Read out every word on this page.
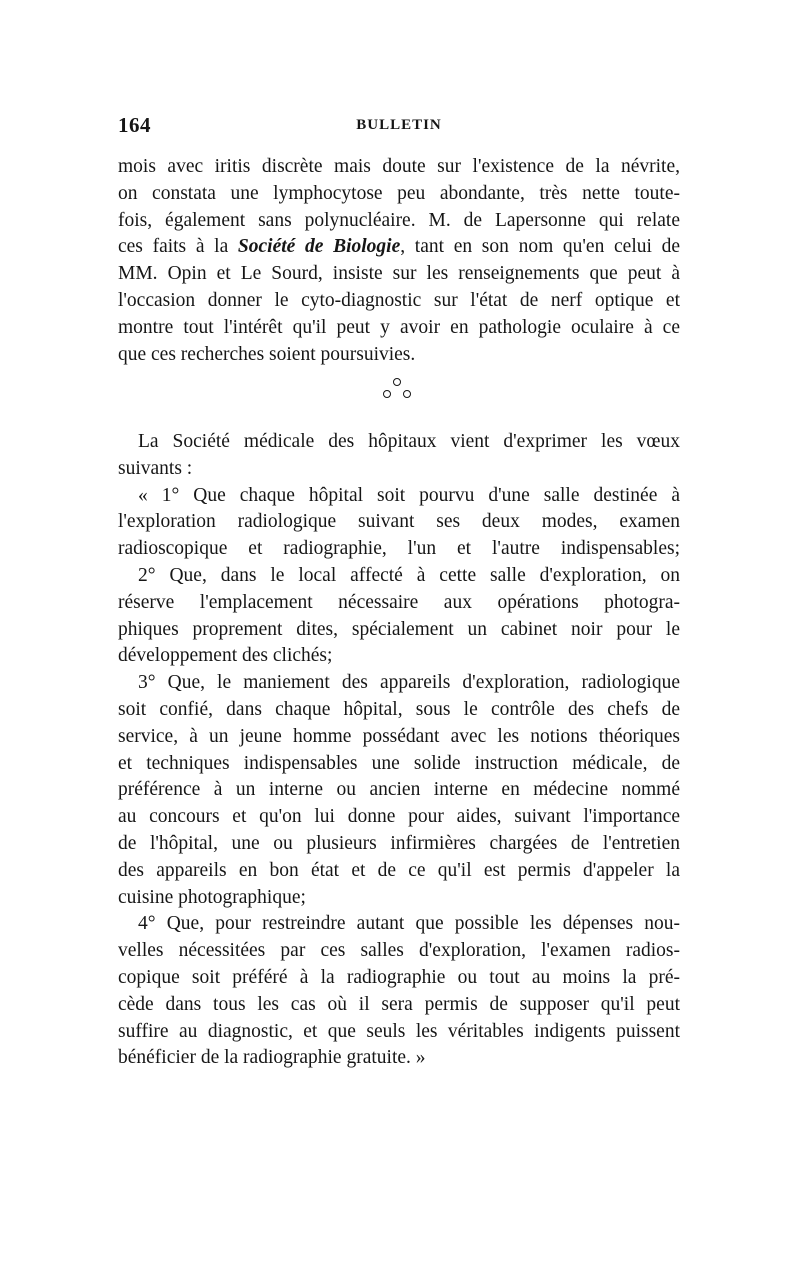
164	BULLETIN
mois avec iritis discrète mais doute sur l'existence de la névrite,
on constata une lymphocytose peu abondante, très nette toute-
fois, également sans polynucléaire. M. de Lapersonne qui relate
ces faits à la Société de Biologie, tant en son nom qu'en celui de
MM. Opin et Le Sourd, insiste sur les renseignements que peut à
l'occasion donner le cyto-diagnostic sur l'état de nerf optique et
montre tout l'intérêt qu'il peut y avoir en pathologie oculaire à ce
que ces recherches soient poursuivies.
La Société médicale des hôpitaux vient d'exprimer les vœux
suivants :
« 1° Que chaque hôpital soit pourvu d'une salle destinée à
l'exploration radiologique suivant ses deux modes, examen
radioscopique et radiographie, l'un et l'autre indispensables;
2° Que, dans le local affecté à cette salle d'exploration, on
réserve l'emplacement nécessaire aux opérations photogra-
phiques proprement dites, spécialement un cabinet noir pour le
développement des clichés;
3° Que, le maniement des appareils d'exploration, radiologique
soit confié, dans chaque hôpital, sous le contrôle des chefs de
service, à un jeune homme possédant avec les notions théoriques
et techniques indispensables une solide instruction médicale, de
préférence à un interne ou ancien interne en médecine nommé
au concours et qu'on lui donne pour aides, suivant l'importance
de l'hôpital, une ou plusieurs infirmières chargées de l'entretien
des appareils en bon état et de ce qu'il est permis d'appeler la
cuisine photographique;
4° Que, pour restreindre autant que possible les dépenses nou-
velles nécessitées par ces salles d'exploration, l'examen radios-
copique soit préféré à la radiographie ou tout au moins la pré-
cède dans tous les cas où il sera permis de supposer qu'il peut
suffire au diagnostic, et que seuls les véritables indigents puissent
bénéficier de la radiographie gratuite. »
